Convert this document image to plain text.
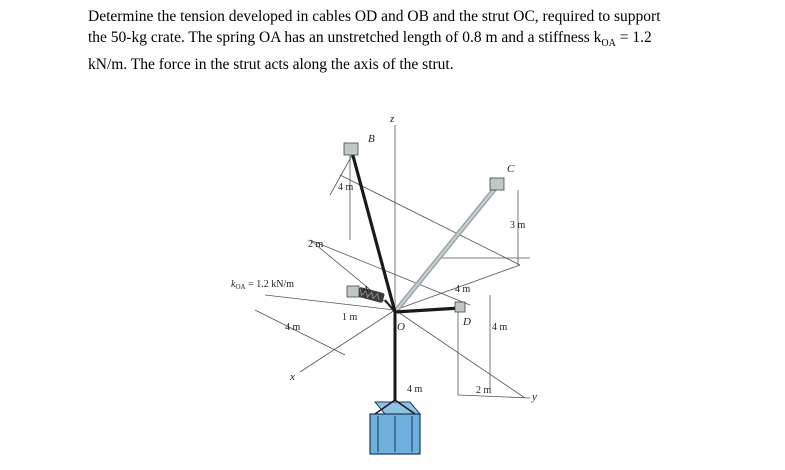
Determine the tension developed in cables OD and OB and the strut OC, required to support
the 50-kg crate. The spring OA has an unstretched length of 0.8 m and a stiffness $k_{OA} = 1.2$
kN/m. The force in the strut acts along the axis of the strut.
z
B
C
A
D
O
x
y
$k_{OA} = 1.2$ kN/m
4 m
2 m
3 m
4 m
4 m
1 m
4 m
4 m	2 m
